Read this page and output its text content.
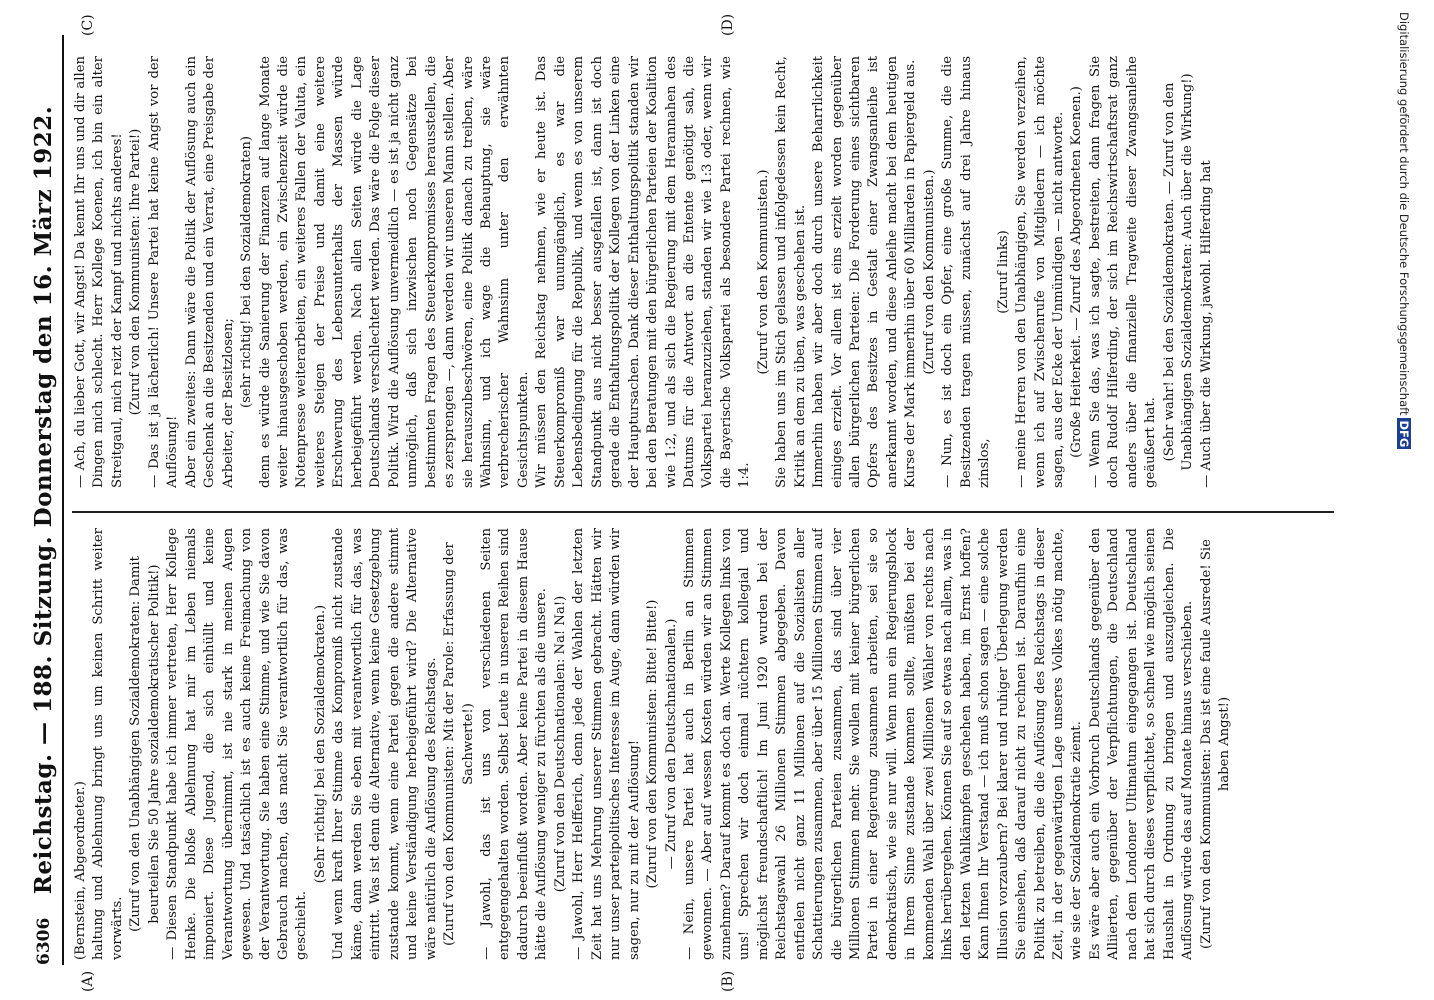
6306
Reichstag. — 188. Sitzung. Donnerstag den 16. März 1922.
(A)	(B)
(C)	(D)

(Bernstein, Abgeordneter.) haltung und Ablehnung bringt uns um keinen Schritt weiter vorwärts. (Zuruf von den Unabhängigen Sozialdemokraten: Damit beurteilen Sie 50 Jahre sozialdemokratischer Politik!) — Diesen Standpunkt habe ich immer vertreten, Herr Kollege Henke. Die bloße Ablehnung hat mir im Leben niemals imponiert. Diese Jugend, die sich einhüllt und keine Verantwortung übernimmt, ist nie stark in meinen Augen gewesen. Und tatsächlich ist es auch keine Freimachung von der Verantwortung. Sie haben eine Stimme, und wie Sie davon Gebrauch machen, das macht Sie verantwortlich für das, was geschieht.

(Sehr richtig! bei den Sozialdemokraten.) Und wenn kraft Ihrer Stimme das Kompromiß nicht zustande käme, dann werden Sie eben mit verantwortlich für das, was eintritt. Was ist denn die Alternative, wenn keine Gesetzgebung zustande kommt, wenn eine Partei gegen die andere stimmt und keine Verständigung herbeigeführt wird? Die Alternative wäre natürlich die Auflösung des Reichstags. (Zuruf von den Kommunisten: Mit der Parole: Erfassung der Sachwerte!) — Jawohl, das ist uns von verschiedenen Seiten entgegengehalten worden. Selbst Leute in unseren Reihen sind dadurch beeinflußt worden. Aber keine Partei in diesem Hause hätte die Auflösung weniger zu fürchten als die unsere. (Zuruf von den Deutschnationalen: Na! Na!) — Jawohl, Herr Helfferich, denn jede der Wahlen der letzten Zeit hat uns Mehrung unserer Stimmen gebracht. Hätten wir nur unser parteipolitisches Interesse im Auge, dann würden wir sagen, nur zu mit der Auflösung! (Zuruf von den Kommunisten: Bitte! Bitte!) — Zuruf von den Deutschnationalen.) — Nein, unsere Partei hat auch in Berlin an Stimmen gewonnen. — Aber auf wessen Kosten würden wir an Stimmen zunehmen? Darauf kommt es doch an. Werte Kollegen links von uns! Sprechen wir doch einmal nüchtern kollegial und möglichst freundschaftlich! Im Juni 1920 wurden bei der Reichstagswahl 26 Millionen Stimmen abgegeben. Davon entfielen nicht ganz 11 Millionen auf die Sozialisten aller Schattierungen zusammen, aber über 15 Millionen Stimmen auf die bürgerlichen Parteien zusammen, das sind über vier Millionen Stimmen mehr. Sie wollen mit keiner bürgerlichen Partei in einer Regierung zusammen arbeiten, sei sie so demokratisch, wie sie nur will. Wenn nun ein Regierungsblock in Ihrem Sinne zustande kommen sollte, müßten bei der kommenden Wahl über zwei Millionen Wähler von rechts nach links herübergehen. Können Sie auf so etwas nach allem, was in den letzten Wahlkämpfen geschehen haben, im Ernst hoffen? Kann Ihnen Ihr Verstand — ich muß schon sagen — eine solche Illusion vorzaubern? Bei klarer und ruhiger Überlegung werden Sie einsehen, daß darauf nicht zu rechnen ist. Daraufhin eine Politik zu betreiben, die die Auflösung des Reichstags in dieser Zeit, in der gegenwärtigen Lage unseres Volkes nötig machte, wie sie der Sozialdemokratie ziemt. Es wäre aber auch ein Vorbruch Deutschlands gegenüber den Alliierten, gegenüber der Verpflichtungen, die Deutschland nach dem Londoner Ultimatum eingegangen ist. Deutschland hat sich durch dieses verpflichtet, so schnell wie möglich seinen Haushalt in Ordnung zu bringen und auszugleichen. Die Auflösung würde das auf Monate hinaus verschieben. (Zuruf von den Kommunisten: Das ist eine faule Ausrede! Sie haben Angst!)

— Ach, du lieber Gott, wir Angst! Da kennt Ihr uns und dir allen Dingen mich schlecht. Herr Kollege Koenen, ich bin ein alter Streitgaul, mich reizt der Kampf und nichts anderes! (Zuruf von den Kommunisten: Ihre Partei!) — Das ist ja lächerlich! Unsere Partei hat keine Angst vor der Auflösung! Aber ein zweites: Dann wäre die Politik der Auflösung auch ein Geschenk an die Besitzenden und ein Verrat, eine Preisgabe der Arbeiter, der Besitzlosen; (sehr richtig! bei den Sozialdemokraten) denn es würde die Sanierung der Finanzen auf lange Monate weiter hinausgeschoben werden, ein Zwischenzeit würde die Notenpresse weiterarbeiten, ein weiteres Fallen der Valuta, ein weiteres Steigen der Preise und damit eine weitere Erschwerung des Lebensunterhalts der Massen würde herbeigeführt werden. Nach allen Seiten würde die Lage Deutschlands verschlechtert werden. Das wäre die Folge dieser Politik. Wird die Auflösung unvermeidlich — es ist ja nicht ganz unmöglich, daß sich inzwischen noch Gegensätze bei bestimmten Fragen des Steuerkompromisses herausstellen, die es zersprengen —, dann werden wir unseren Mann stellen. Aber sie herauszubeschwören, eine Politik danach zu treiben, wäre Wahnsinn, und ich wage die Behauptung, sie wäre verbrecherischer Wahnsinn unter den erwähnten Gesichtspunkten. Wir müssen den Reichstag nehmen, wie er heute ist. Das Steuerkompromiß war unumgänglich, es war die Lebensbedingung für die Republik, und wenn es von unserem Standpunkt aus nicht besser ausgefallen ist, dann ist doch gerade die Enthaltungspolitik der Kollegen von der Linken eine der Hauptursachen. Dank dieser Enthaltungspolitik standen wir bei den Beratungen mit den bürgerlichen Parteien der Koalition wie 1:2, und als sich die Regierung mit dem Herannahen des Datums für die Antwort an die Entente genötigt sah, die Volkspartei heranzuziehen, standen wir wie 1:3 oder, wenn wir die Bayerische Volkspartei als besondere Partei rechnen, wie 1:4.

(Zuruf von den Kommunisten.) Sie haben uns im Stich gelassen und infolgedessen kein Recht, Kritik an dem zu üben, was geschehen ist. Immerhin haben wir aber doch durch unsere Beharrlichkeit einiges erzielt. Vor allem ist eins erzielt worden gegenüber allen bürgerlichen Parteien: Die Forderung eines sichtbaren Opfers des Besitzes in Gestalt einer Zwangsanleihe ist anerkannt worden, und diese Anleihe macht bei dem heutigen Kurse der Mark immerhin über 60 Milliarden in Papiergeld aus. (Zuruf von den Kommunisten.) — Nun, es ist doch ein Opfer, eine große Summe, die die Besitzenden tragen müssen, zunächst auf drei Jahre hinaus zinslos,

(Zuruf links) — meine Herren von den Unabhängigen, Sie werden verzeihen, wenn ich auf Zwischenrufe von Mitgliedern — ich möchte sagen, aus der Ecke der Unmündigen — nicht antworte. (Große Heiterkeit. — Zuruf des Abgeordneten Koenen.) — Wenn Sie das, was ich sagte, bestreiten, dann fragen Sie doch Rudolf Hilferding, der sich im Reichswirtschaftsrat ganz anders über die finanzielle Tragweite dieser Zwangsanleihe geäußert hat. (Sehr wahr! bei den Sozialdemokraten. — Zuruf von den Unabhängigen Sozialdemokraten: Auch über die Wirkung!) — Auch über die Wirkung, jawohl. Hilferding hat	Digitalisierung gefördert durch die Deutsche ForschungsgemeinschaftDFG
